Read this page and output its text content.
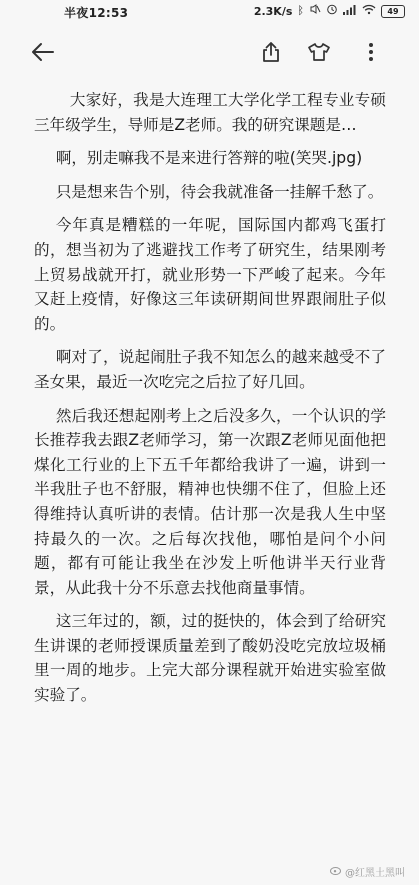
半夜12:53	2.3K/s ᛒ	49

大家好，我是大连理工大学化学工程专业专硕三年级学生，导师是Z老师。我的研究课题是…

啊，别走嘛我不是来进行答辩的啦(笑哭.jpg)

只是想来告个别，待会我就准备一挂解千愁了。

今年真是糟糕的一年呢，国际国内都鸡飞蛋打的，想当初为了逃避找工作考了研究生，结果刚考上贸易战就开打，就业形势一下严峻了起来。今年又赶上疫情，好像这三年读研期间世界跟闹肚子似的。

啊对了，说起闹肚子我不知怎么的越来越受不了圣女果，最近一次吃完之后拉了好几回。

然后我还想起刚考上之后没多久，一个认识的学长推荐我去跟Z老师学习，第一次跟Z老师见面他把煤化工行业的上下五千年都给我讲了一遍，讲到一半我肚子也不舒服，精神也快绷不住了，但脸上还得维持认真听讲的表情。估计那一次是我人生中坚持最久的一次。之后每次找他，哪怕是问个小问题，都有可能让我坐在沙发上听他讲半天行业背景，从此我十分不乐意去找他商量事情。

这三年过的，额，过的挺快的，体会到了给研究生讲课的老师授课质量差到了酸奶没吃完放垃圾桶里一周的地步。上完大部分课程就开始进实验室做实验了。

@红黑土黑叫
